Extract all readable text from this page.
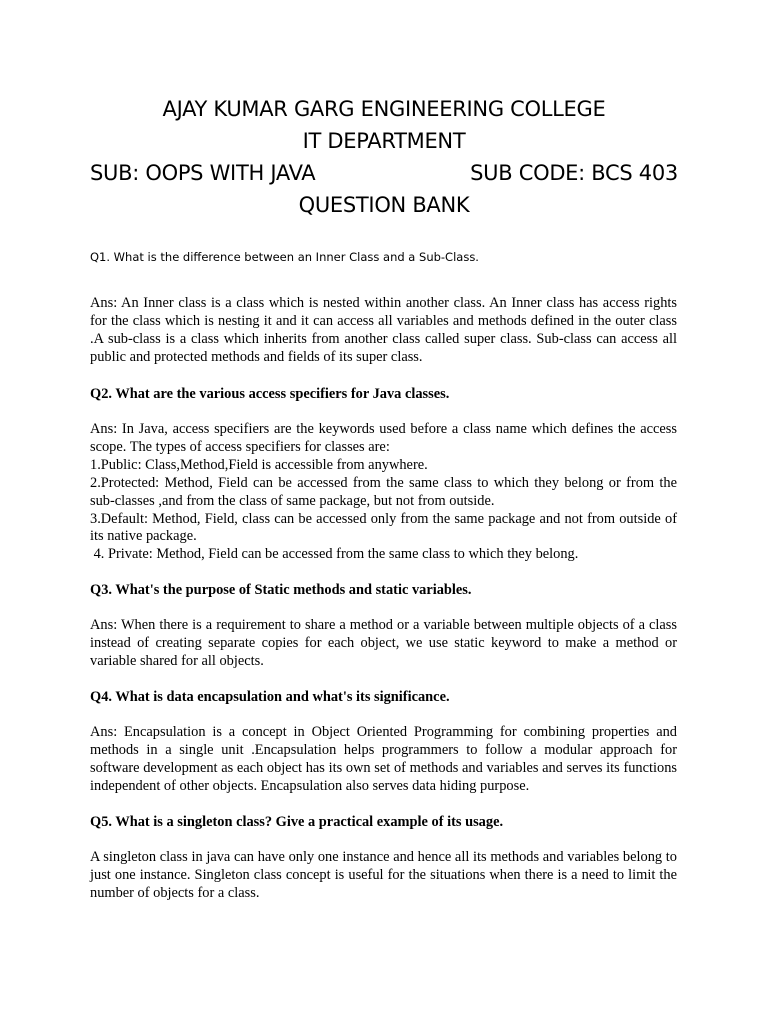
AJAY KUMAR GARG ENGINEERING COLLEGE
IT DEPARTMENT
SUB: OOPS WITH JAVA	SUB CODE: BCS 403
QUESTION BANK
Q1. What is the difference between an Inner Class and a Sub-Class.
Ans: An Inner class is a class which is nested within another class. An Inner class has access rights for the class which is nesting it and it can access all variables and methods defined in the outer class .A sub-class is a class which inherits from another class called super class. Sub-class can access all public and protected methods and fields of its super class.
Q2. What are the various access specifiers for Java classes.
Ans: In Java, access specifiers are the keywords used before a class name which defines the access scope. The types of access specifiers for classes are:
1.Public: Class,Method,Field is accessible from anywhere.
2.Protected: Method, Field can be accessed from the same class to which they belong or from the sub-classes ,and from the class of same package, but not from outside.
3.Default: Method, Field, class can be accessed only from the same package and not from outside of its native package.
4. Private: Method, Field can be accessed from the same class to which they belong.
Q3. What's the purpose of Static methods and static variables.
Ans: When there is a requirement to share a method or a variable between multiple objects of a class instead of creating separate copies for each object, we use static keyword to make a method or variable shared for all objects.
Q4. What is data encapsulation and what's its significance.
Ans: Encapsulation is a concept in Object Oriented Programming for combining properties and methods in a single unit .Encapsulation helps programmers to follow a modular approach for software development as each object has its own set of methods and variables and serves its functions independent of other objects. Encapsulation also serves data hiding purpose.
Q5. What is a singleton class? Give a practical example of its usage.
A singleton class in java can have only one instance and hence all its methods and variables belong to just one instance. Singleton class concept is useful for the situations when there is a need to limit the number of objects for a class.
